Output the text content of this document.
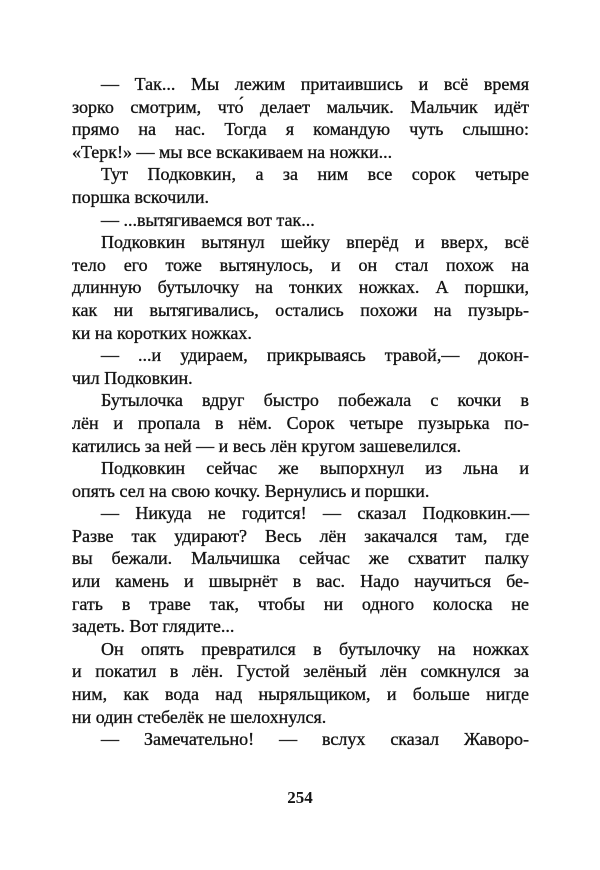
— Так... Мы лежим притаившись и всё время
зорко смотрим, что́ делает мальчик. Мальчик идёт
прямо на нас. Тогда я командую чуть слышно:
«Терк!» — мы все вскакиваем на ножки...
Тут Подковкин, а за ним все сорок четыре
поршка вскочили.
— ...вытягиваемся вот так...
Подковкин вытянул шейку вперёд и вверх, всё
тело его тоже вытянулось, и он стал похож на
длинную бутылочку на тонких ножках. А поршки,
как ни вытягивались, остались похожи на пузырь-
ки на коротких ножках.
— ...и удираем, прикрываясь травой,— докон-
чил Подковкин.
Бутылочка вдруг быстро побежала с кочки в
лён и пропала в нём. Сорок четыре пузырька по-
катились за ней — и весь лён кругом зашевелился.
Подковкин сейчас же выпорхнул из льна и
опять сел на свою кочку. Вернулись и поршки.
— Никуда не годится! — сказал Подковкин.—
Разве так удирают? Весь лён закачался там, где
вы бежали. Мальчишка сейчас же схватит палку
или камень и швырнёт в вас. Надо научиться бе-
гать в траве так, чтобы ни одного колоска не
задеть. Вот глядите...
Он опять превратился в бутылочку на ножках
и покатил в лён. Густой зелёный лён сомкнулся за
ним, как вода над ныряльщиком, и больше нигде
ни один стебелёк не шелохнулся.
— Замечательно! — вслух сказал Жаворо-
254
